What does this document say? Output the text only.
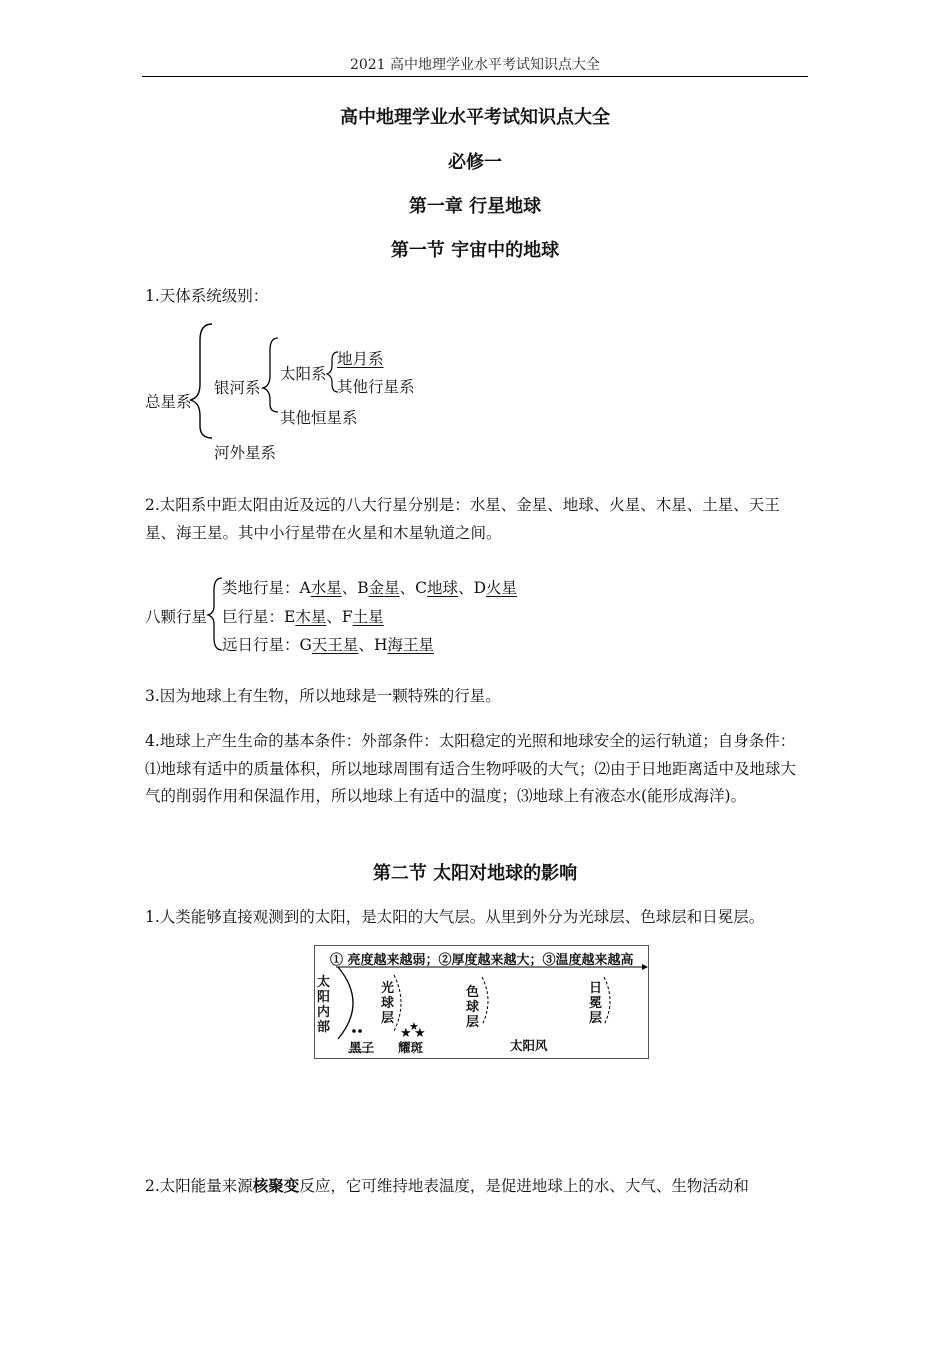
2021 高中地理学业水平考试知识点大全
高中地理学业水平考试知识点大全
必修一
第一章 行星地球
第一节 宇宙中的地球
1.天体系统级别：
总星系
银河系
太阳系
地月系
其他行星系
其他恒星系
河外星系
2.太阳系中距太阳由近及远的八大行星分别是：水星、金星、地球、火星、木星、土星、天王星、海王星。其中小行星带在火星和木星轨道之间。
八颗行星
类地行星：A水星、B金星、C地球、D火星
巨行星：E木星、F土星
远日行星：G天王星、H海王星
3.因为地球上有生物，所以地球是一颗特殊的行星。
4.地球上产生生命的基本条件：外部条件：太阳稳定的光照和地球安全的运行轨道；自身条件：⑴地球有适中的质量体积，所以地球周围有适合生物呼吸的大气；⑵由于日地距离适中及地球大气的削弱作用和保温作用，所以地球上有适中的温度；⑶地球上有液态水(能形成海洋)。
第二节 太阳对地球的影响
1.人类能够直接观测到的太阳，是太阳的大气层。从里到外分为光球层、色球层和日冕层。
★
★
★
① 亮度越来越弱；②厚度越来越大；③温度越来越高
太
阳
内
部
光
球
层
色
球
层
日
冕
层
黑子 耀斑	太阳风
2.太阳能量来源核聚变反应，它可维持地表温度，是促进地球上的水、大气、生物活动和
